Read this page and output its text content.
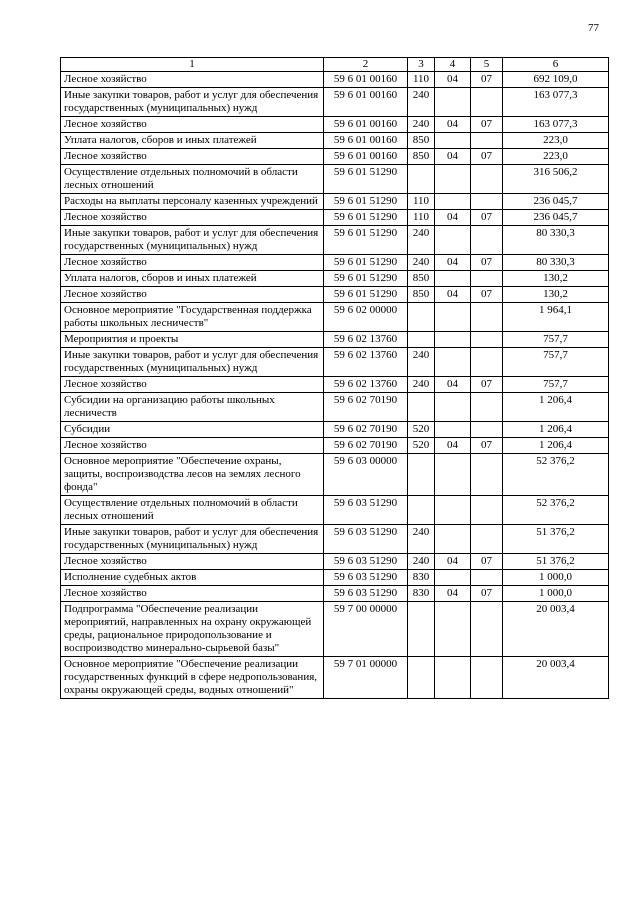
77
1	2	3	4	5	6
Лесное хозяйство	59 6 01 00160	110	04	07	692 109,0
Иные закупки товаров, работ и услуг для обеспечения государственных (муниципальных) нужд	59 6 01 00160	240			163 077,3
Лесное хозяйство	59 6 01 00160	240	04	07	163 077,3
Уплата налогов, сборов и иных платежей	59 6 01 00160	850			223,0
Лесное хозяйство	59 6 01 00160	850	04	07	223,0
Осуществление отдельных полномочий в области лесных отношений	59 6 01 51290				316 506,2
Расходы на выплаты персоналу казенных учреждений	59 6 01 51290	110			236 045,7
Лесное хозяйство	59 6 01 51290	110	04	07	236 045,7
Иные закупки товаров, работ и услуг для обеспечения государственных (муниципальных) нужд	59 6 01 51290	240			80 330,3
Лесное хозяйство	59 6 01 51290	240	04	07	80 330,3
Уплата налогов, сборов и иных платежей	59 6 01 51290	850			130,2
Лесное хозяйство	59 6 01 51290	850	04	07	130,2
Основное мероприятие "Государственная поддержка работы школьных лесничеств"	59 6 02 00000				1 964,1
Мероприятия и проекты	59 6 02 13760				757,7
Иные закупки товаров, работ и услуг для обеспечения государственных (муниципальных) нужд	59 6 02 13760	240			757,7
Лесное хозяйство	59 6 02 13760	240	04	07	757,7
Субсидии на организацию работы школьных лесничеств	59 6 02 70190				1 206,4
Субсидии	59 6 02 70190	520			1 206,4
Лесное хозяйство	59 6 02 70190	520	04	07	1 206,4
Основное мероприятие "Обеспечение охраны, защиты, воспроизводства лесов на землях лесного фонда"	59 6 03 00000				52 376,2
Осуществление отдельных полномочий в области лесных отношений	59 6 03 51290				52 376,2
Иные закупки товаров, работ и услуг для обеспечения государственных (муниципальных) нужд	59 6 03 51290	240			51 376,2
Лесное хозяйство	59 6 03 51290	240	04	07	51 376,2
Исполнение судебных актов	59 6 03 51290	830			1 000,0
Лесное хозяйство	59 6 03 51290	830	04	07	1 000,0
Подпрограмма "Обеспечение реализации мероприятий, направленных на охрану окружающей среды, рациональное природопользование и воспроизводство минерально-сырьевой базы"	59 7 00 00000				20 003,4
Основное мероприятие "Обеспечение реализации государственных функций в сфере недропользования, охраны окружающей среды, водных отношений"	59 7 01 00000				20 003,4
